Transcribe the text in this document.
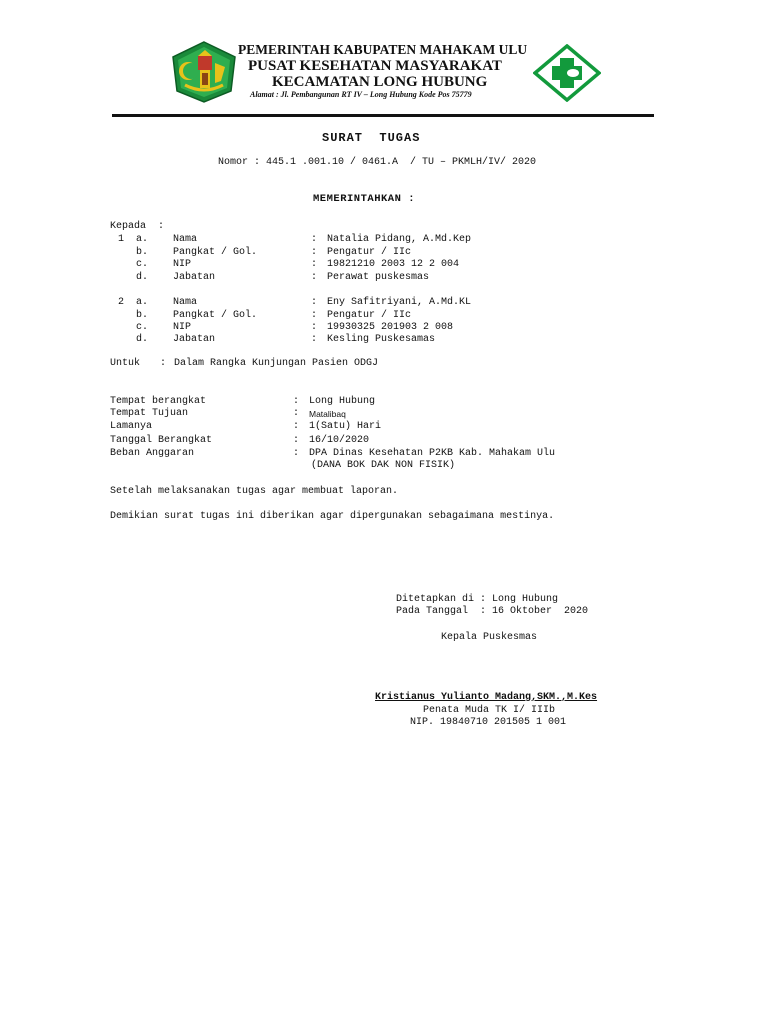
PEMERINTAH KABUPATEN MAHAKAM ULU
PUSAT KESEHATAN MASYARAKAT
KECAMATAN LONG HUBUNG
Alamat : Jl. Pembangunan RT IV – Long Hubung Kode Pos 75779
SURAT  TUGAS
Nomor : 445.1 .001.10 / 0461.A  / TU – PKMLH/IV/ 2020
MEMERINTAHKAN :
Kepada  :
1 a. Nama	: Natalia Pidang, A.Md.Kep
b. Pangkat / Gol.	: Pengatur / IIc
c. NIP	: 19821210 2003 12 2 004
d. Jabatan	: Perawat puskesmas
2 a. Nama	: Eny Safitriyani, A.Md.KL
b. Pangkat / Gol.	: Pengatur / IIc
c. NIP	: 19930325 201903 2 008
d. Jabatan	: Kesling Puskesamas
Untuk : Dalam Rangka Kunjungan Pasien ODGJ
Tempat berangkat	: Long Hubung
Tempat Tujuan	: Matalibaq
Lamanya	: 1(Satu) Hari
Tanggal Berangkat	: 16/10/2020
Beban Anggaran	: DPA Dinas Kesehatan P2KB Kab. Mahakam Ulu
(DANA BOK DAK NON FISIK)
Setelah melaksanakan tugas agar membuat laporan.
Demikian surat tugas ini diberikan agar dipergunakan sebagaimana mestinya.
Ditetapkan di : Long Hubung
Pada Tanggal  : 16 Oktober  2020
Kepala Puskesmas
Kristianus Yulianto Madang,SKM.,M.Kes
Penata Muda TK I/ IIIb
NIP. 19840710 201505 1 001
